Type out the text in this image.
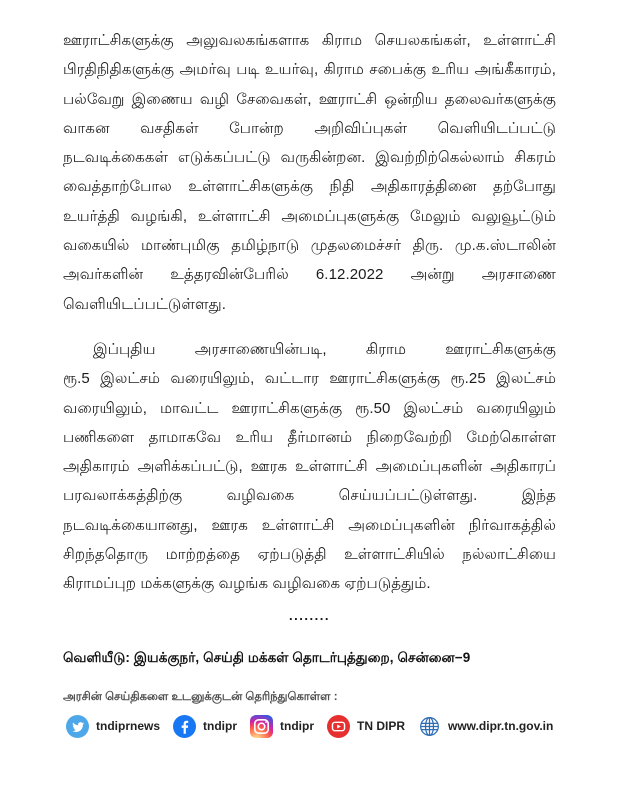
ஊராட்சிகளுக்கு அலுவலகங்களாக கிராம செயலகங்கள், உள்ளாட்சி
பிரதிநிதிகளுக்கு அமர்வு படி உயர்வு, கிராம சபைக்கு உரிய அங்கீகாரம்,
பல்வேறு இணைய வழி சேவைகள், ஊராட்சி ஒன்றிய தலைவர்களுக்கு
வாகன வசதிகள் போன்ற அறிவிப்புகள் வெளியிடப்பட்டு
நடவடிக்கைகள் எடுக்கப்பட்டு வருகின்றன. இவற்றிற்கெல்லாம் சிகரம்
வைத்தாற்போல உள்ளாட்சிகளுக்கு நிதி அதிகாரத்தினை தற்போது
உயர்த்தி வழங்கி, உள்ளாட்சி அமைப்புகளுக்கு மேலும் வலுவூட்டும்
வகையில் மாண்புமிகு தமிழ்நாடு முதலமைச்சர் திரு. மு.க.ஸ்டாலின்
அவர்களின் உத்தரவின்பேரில் 6.12.2022 அன்று அரசாணை
வெளியிடப்பட்டுள்ளது.
இப்புதிய அரசாணையின்படி, கிராம ஊராட்சிகளுக்கு
ரூ.5 இலட்சம் வரையிலும், வட்டார ஊராட்சிகளுக்கு ரூ.25 இலட்சம்
வரையிலும், மாவட்ட ஊராட்சிகளுக்கு ரூ.50 இலட்சம் வரையிலும்
பணிகளை தாமாகவே உரிய தீர்மானம் நிறைவேற்றி மேற்கொள்ள
அதிகாரம் அளிக்கப்பட்டு, ஊரக உள்ளாட்சி அமைப்புகளின் அதிகாரப்
பரவலாக்கத்திற்கு வழிவகை செய்யப்பட்டுள்ளது. இந்த
நடவடிக்கையானது, ஊரக உள்ளாட்சி அமைப்புகளின் நிர்வாகத்தில்
சிறந்ததொரு மாற்றத்தை ஏற்படுத்தி உள்ளாட்சியில் நல்லாட்சியை
கிராமப்புற மக்களுக்கு வழங்க வழிவகை ஏற்படுத்தும்.
........
வெளியீடு: இயக்குநர், செய்தி மக்கள் தொடர்புத்துறை, சென்னை−9
அரசின் செய்திகளை உடனுக்குடன் தெரிந்துகொள்ள :
tndiprnews	tndipr	tndipr	TN DIPR	www.dipr.tn.gov.in
